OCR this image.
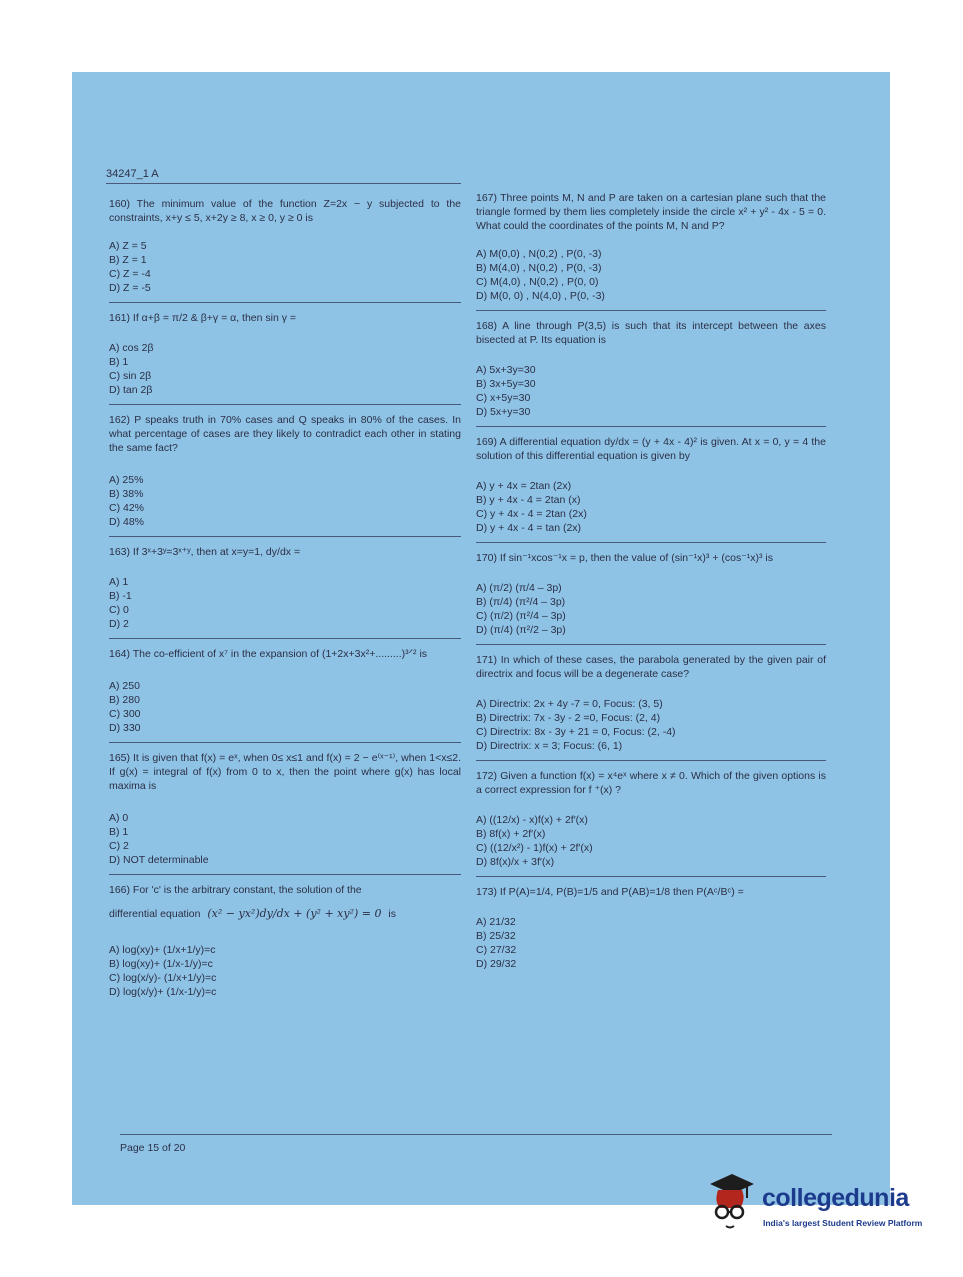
34247_1 A
160) The minimum value of the function Z=2x − y subjected to the constraints, x+y ≤ 5, x+2y ≥ 8, x ≥ 0, y ≥ 0 is
A) Z = 5
B) Z = 1
C) Z = -4
D) Z = -5
161) If α+β = π/2 & β+γ = α, then sin γ =
A) cos 2β
B) 1
C) sin 2β
D) tan 2β
162) P speaks truth in 70% cases and Q speaks in 80% of the cases. In what percentage of cases are they likely to contradict each other in stating the same fact?
A) 25%
B) 38%
C) 42%
D) 48%
163) If 3ˣ+3ʸ=3ˣ⁺ʸ, then at x=y=1, dy/dx =
A) 1
B) -1
C) 0
D) 2
164) The co-efficient of x⁷ in the expansion of (1+2x+3x²+.........)³ᐟ² is
A) 250
B) 280
C) 300
D) 330
165) It is given that f(x) = eˣ, when 0≤ x≤1 and f(x) = 2 − e⁽ˣ⁻¹⁾, when 1<x≤2. If g(x) = integral of f(x) from 0 to x, then the point where g(x) has local maxima is
A) 0
B) 1
C) 2
D) NOT determinable
166) For 'c' is the arbitrary constant, the solution of the
differential equation (x² − yx²)dy/dx + (y² + xy²) = 0 is
A) log(xy)+ (1/x+1/y)=c
B) log(xy)+ (1/x-1/y)=c
C) log(x/y)- (1/x+1/y)=c
D) log(x/y)+ (1/x-1/y)=c
167) Three points M, N and P are taken on a cartesian plane such that the triangle formed by them lies completely inside the circle x² + y² - 4x - 5 = 0. What could the coordinates of the points M, N and P?
A) M(0,0) , N(0,2) , P(0, -3)
B) M(4,0) , N(0,2) , P(0, -3)
C) M(4,0) , N(0,2) , P(0, 0)
D) M(0, 0) , N(4,0) , P(0, -3)
168) A line through P(3,5) is such that its intercept between the axes bisected at P. Its equation is
A) 5x+3y=30
B) 3x+5y=30
C) x+5y=30
D) 5x+y=30
169) A differential equation dy/dx = (y + 4x - 4)² is given. At x = 0, y = 4 the solution of this differential equation is given by
A) y + 4x = 2tan (2x)
B) y + 4x - 4 = 2tan (x)
C) y + 4x - 4 = 2tan (2x)
D) y + 4x - 4 = tan (2x)
170) If sin⁻¹xcos⁻¹x = p, then the value of (sin⁻¹x)³ + (cos⁻¹x)³ is
A) (π/2) (π/4 – 3p)
B) (π/4) (π²/4 – 3p)
C) (π/2) (π²/4 – 3p)
D) (π/4) (π²/2 – 3p)
171) In which of these cases, the parabola generated by the given pair of directrix and focus will be a degenerate case?
A) Directrix: 2x + 4y -7 = 0, Focus: (3, 5)
B) Directrix: 7x - 3y - 2 =0, Focus: (2, 4)
C) Directrix: 8x - 3y + 21 = 0, Focus: (2, -4)
D) Directrix: x = 3; Focus: (6, 1)
172) Given a function f(x) = x⁴eˣ where x ≠ 0. Which of the given options is a correct expression for f ⁺(x) ?
A) ((12/x) - x)f(x) + 2f′(x)
B) 8f(x) + 2f′(x)
C) ((12/x²) - 1)f(x) + 2f′(x)
D) 8f(x)/x + 3f′(x)
173) If P(A)=1/4, P(B)=1/5 and P(AB)=1/8 then P(Aᶜ/Bᶜ) =
A) 21/32
B) 25/32
C) 27/32
D) 29/32
Page 15 of 20
collegedunia
India's largest Student Review Platform
